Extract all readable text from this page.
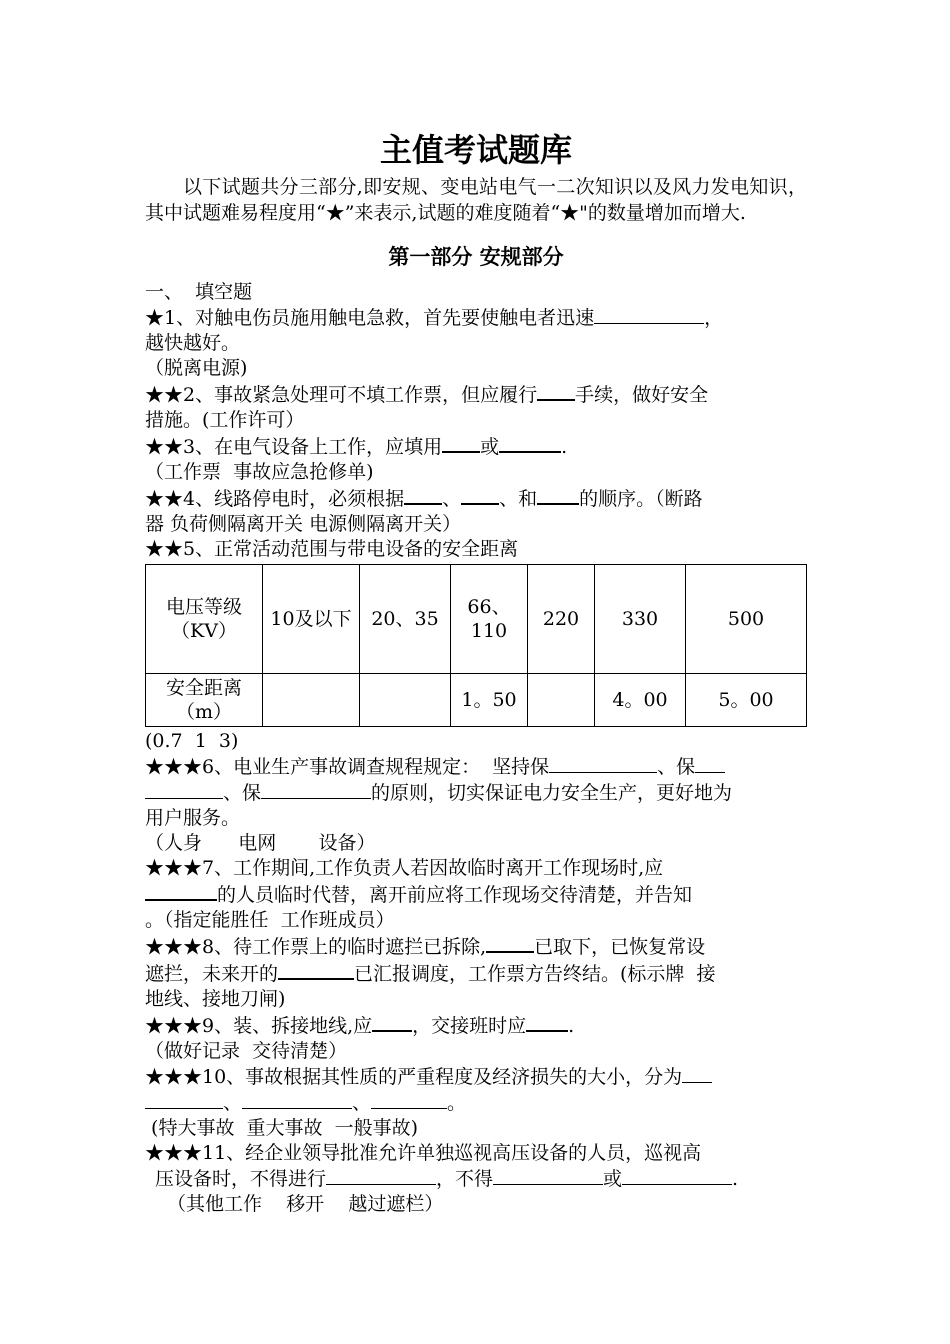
主值考试题库

以下试题共分三部分,即安规、变电站电气一二次知识以及风力发电知识，其中试题难易程度用“★”来表示,试题的难度随着“★"的数量增加而增大.

第一部分 安规部分

一、  填空题

★1、对触电伤员施用触电急救，首先要使触电者迅速	，

越快越好。

（脱离电源)

★★2、事故紧急处理可不填工作票，但应履行 手续，做好安全

措施。(工作许可）

★★3、在电气设备上工作，应填用 或	.

（工作票  事故应急抢修单)

★★4、线路停电时，必须根据 、 、和 的顺序。（断路

器 负荷侧隔离开关 电源侧隔离开关）

★★5、正常活动范围与带电设备的安全距离

电压等级（KV）	10及以下	20、35	66、110	220	330	500
安全距离（m）			1。50		4。00	5。00

(0.7  1  3)

★★★6、电业生产事故调查规程规定：  坚持保	、保

、保	的原则，切实保证电力安全生产，更好地为

用户服务。

（人身      电网       设备）

★★★7、工作期间,工作负责人若因故临时离开工作现场时,应

的人员临时代替，离开前应将工作现场交待清楚，并告知

。（指定能胜任  工作班成员）

★★★8、待工作票上的临时遮拦已拆除,	已取下，已恢复常设

遮拦，未来开的	已汇报调度，工作票方告终结。(标示牌  接

地线、接地刀闸)

★★★9、装、拆接地线,应 ，交接班时应 .

（做好记录  交待清楚）

★★★10、事故根据其性质的严重程度及经济损失的大小，分为

、	、	。

(特大事故  重大事故  一般事故)

★★★11、经企业领导批准允许单独巡视高压设备的人员，巡视高

压设备时，不得进行	，不得	或	.

（其他工作    移开    越过遮栏）
